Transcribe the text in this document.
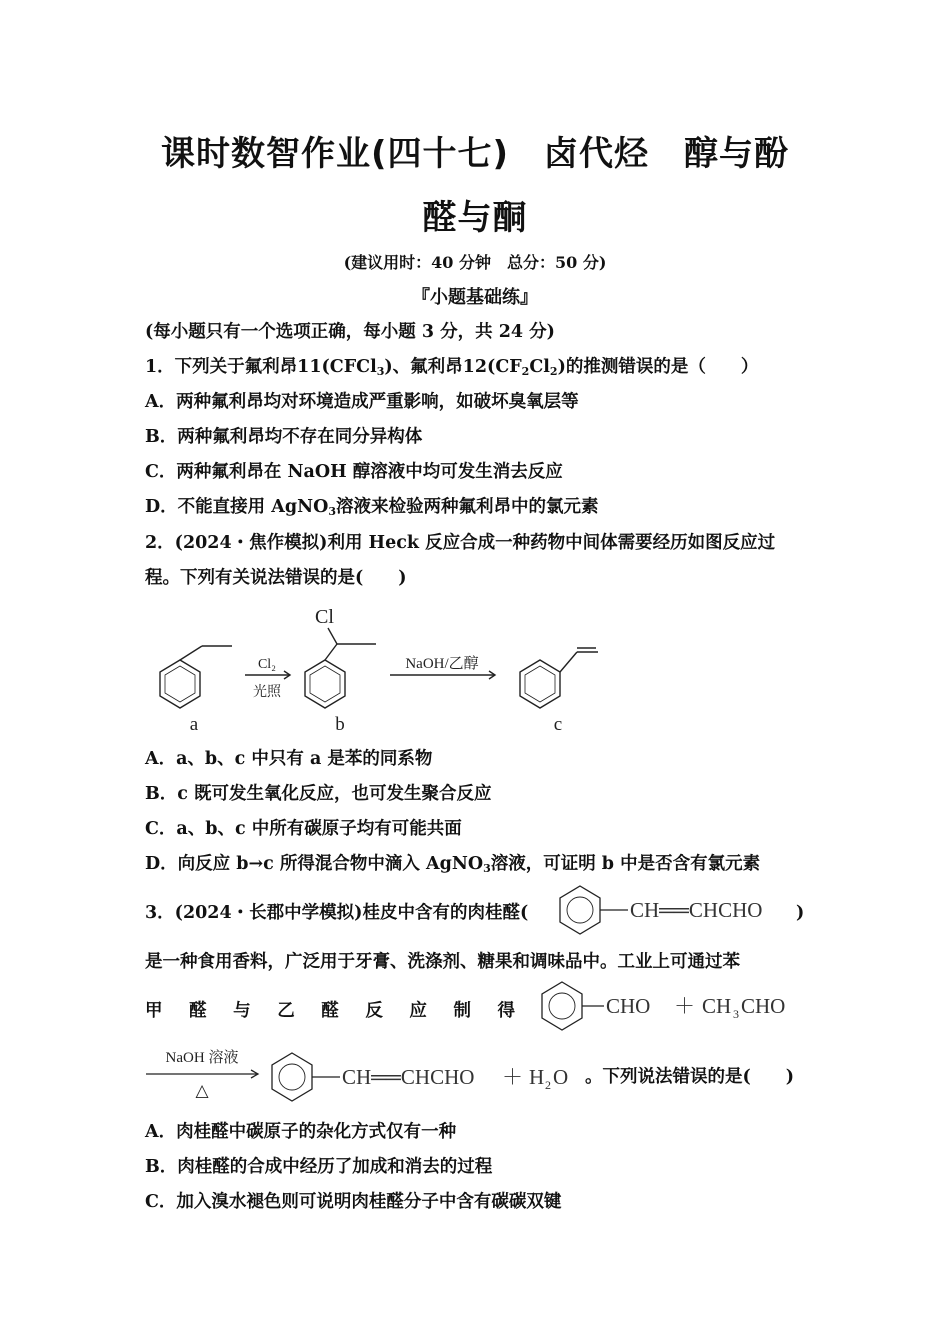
课时数智作业(四十七)　卤代烃　醇与酚
醛与酮
(建议用时：40 分钟　总分：50 分)
『小题基础练』
(每小题只有一个选项正确，每小题 3 分，共 24 分)
1．下列关于氟利昂11(CFCl$_3$)、氟利昂$12(CF_2Cl_2)$的推测错误的是（　　）
A．两种氟利昂均对环境造成严重影响，如破坏臭氧层等
B．两种氟利昂均不存在同分异构体
C．两种氟利昂在 NaOH 醇溶液中均可发生消去反应
D．不能直接用 AgNO$_3$溶液来检验两种氟利昂中的氯元素
2．(2024・焦作模拟)利用 Heck 反应合成一种药物中间体需要经历如图反应过
程。下列有关说法错误的是(　　)
Cl
Cl₂
光照
NaOH/乙醇
a	b	c
A．a、b、c 中只有 a 是苯的同系物
B．c 既可发生氧化反应，也可发生聚合反应
C．a、b、c 中所有碳原子均有可能共面
D．向反应 b→c 所得混合物中滴入 AgNO$_3$溶液，可证明 b 中是否含有氯元素
3．(2024・长郡中学模拟)桂皮中含有的肉桂醛(	CH══CHCHO )
是一种食用香料，广泛用于牙膏、洗涤剂、糖果和调味品中。工业上可通过苯
甲 醛 与 乙 醛 反 应 制 得	CHO ＋ CH 3 CHO
NaOH 溶液
△
CH══CHCHO ＋ H 2 O 。下列说法错误的是(　　)
A．肉桂醛中碳原子的杂化方式仅有一种
B．肉桂醛的合成中经历了加成和消去的过程
C．加入溴水褪色则可说明肉桂醛分子中含有碳碳双键
